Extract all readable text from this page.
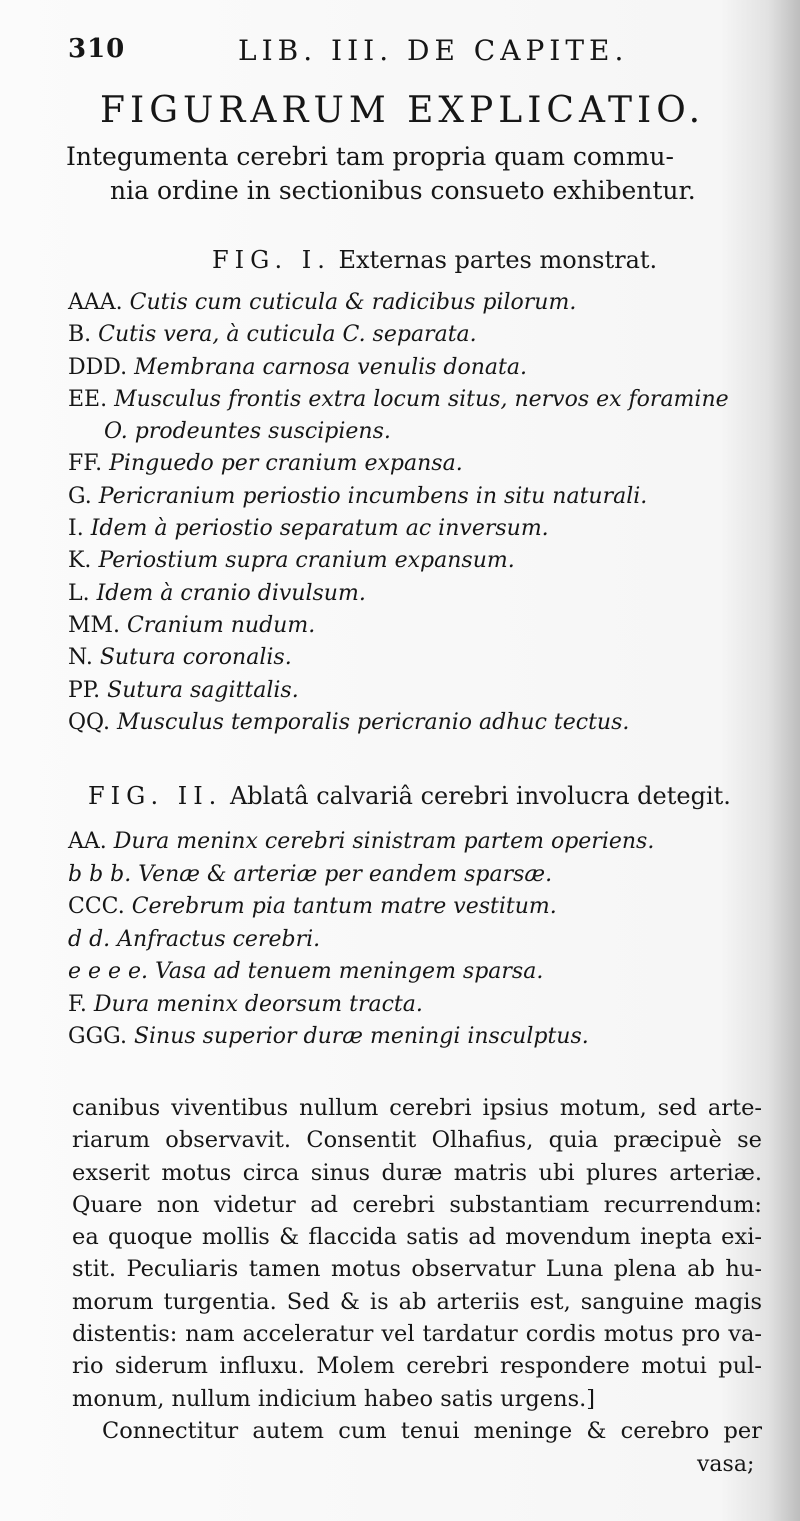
310	LIB. III. DE CAPITE.
FIGURARUM EXPLICATIO.
Integumenta cerebri tam propria quam commu-
nia ordine in sectionibus consueto exhibentur.
FIG. I. Externas partes monstrat.
AAA. Cutis cum cuticula & radicibus pilorum.
B. Cutis vera, à cuticula C. separata.
DDD. Membrana carnosa venulis donata.
EE. Musculus frontis extra locum situs, nervos ex foramine
O. prodeuntes suscipiens.
FF. Pinguedo per cranium expansa.
G. Pericranium periostio incumbens in situ naturali.
I. Idem à periostio separatum ac inversum.
K. Periostium supra cranium expansum.
L. Idem à cranio divulsum.
MM. Cranium nudum.
N. Sutura coronalis.
PP. Sutura sagittalis.
QQ. Musculus temporalis pericranio adhuc tectus.
FIG. II. Ablatâ calvariâ cerebri involucra detegit.
AA. Dura meninx cerebri sinistram partem operiens.
b b b. Venæ & arteriæ per eandem sparsæ.
CCC. Cerebrum pia tantum matre vestitum.
d d. Anfractus cerebri.
e e e e. Vasa ad tenuem meningem sparsa.
F. Dura meninx deorsum tracta.
GGG. Sinus superior duræ meningi insculptus.
canibus viventibus nullum cerebri ipsius motum, sed arte-
riarum observavit. Consentit Olhafius, quia præcipuè se
exserit motus circa sinus duræ matris ubi plures arteriæ.
Quare non videtur ad cerebri substantiam recurrendum:
ea quoque mollis & flaccida satis ad movendum inepta exi-
stit. Peculiaris tamen motus observatur Luna plena ab hu-
morum turgentia. Sed & is ab arteriis est, sanguine magis
distentis: nam acceleratur vel tardatur cordis motus pro va-
rio siderum influxu. Molem cerebri respondere motui pul-
monum, nullum indicium habeo satis urgens.]
Connectitur autem cum tenui meninge & cerebro per
vasa;
